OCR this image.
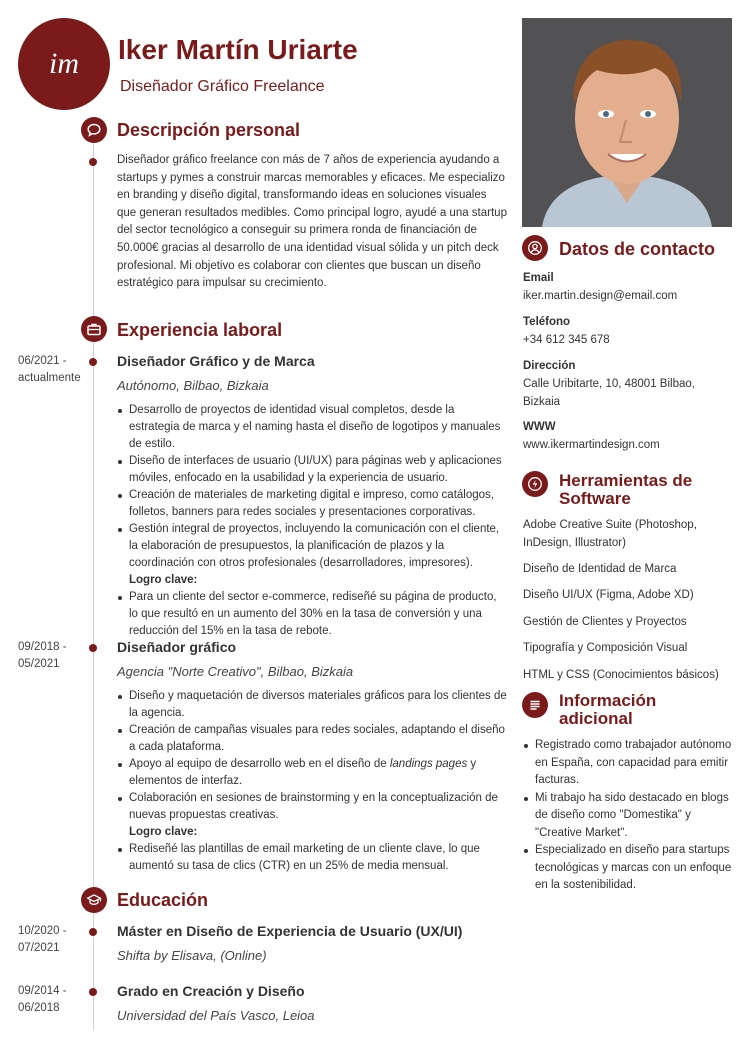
im	Iker Martín Uriarte
Diseñador Gráfico Freelance
Descripción personal
Diseñador gráfico freelance con más de 7 años de experiencia ayudando a startups y pymes a construir marcas memorables y eficaces. Me especializo en branding y diseño digital, transformando ideas en soluciones visuales que generan resultados medibles. Como principal logro, ayudé a una startup del sector tecnológico a conseguir su primera ronda de financiación de 50.000€ gracias al desarrollo de una identidad visual sólida y un pitch deck profesional. Mi objetivo es colaborar con clientes que buscan un diseño estratégico para impulsar su crecimiento.
Experiencia laboral
06/2021 - actualmente
Diseñador Gráfico y de Marca
Autónomo, Bilbao, Bizkaia
Desarrollo de proyectos de identidad visual completos, desde la estrategia de marca y el naming hasta el diseño de logotipos y manuales de estilo.
Diseño de interfaces de usuario (UI/UX) para páginas web y aplicaciones móviles, enfocado en la usabilidad y la experiencia de usuario.
Creación de materiales de marketing digital e impreso, como catálogos, folletos, banners para redes sociales y presentaciones corporativas.
Gestión integral de proyectos, incluyendo la comunicación con el cliente, la elaboración de presupuestos, la planificación de plazos y la coordinación con otros profesionales (desarrolladores, impresores).
Logro clave:
Para un cliente del sector e-commerce, rediseñé su página de producto, lo que resultó en un aumento del 30% en la tasa de conversión y una reducción del 15% en la tasa de rebote.
09/2018 - 05/2021
Diseñador gráfico
Agencia "Norte Creativo", Bilbao, Bizkaia
Diseño y maquetación de diversos materiales gráficos para los clientes de la agencia.
Creación de campañas visuales para redes sociales, adaptando el diseño a cada plataforma.
Apoyo al equipo de desarrollo web en el diseño de landings pages y elementos de interfaz.
Colaboración en sesiones de brainstorming y en la conceptualización de nuevas propuestas creativas.
Logro clave:
Rediseñé las plantillas de email marketing de un cliente clave, lo que aumentó su tasa de clics (CTR) en un 25% de media mensual.
Educación
10/2020 - 07/2021
Máster en Diseño de Experiencia de Usuario (UX/UI)
Shifta by Elisava, (Online)
09/2014 - 06/2018
Grado en Creación y Diseño
Universidad del País Vasco, Leioa
Datos de contacto
Email
iker.martin.design@email.com
Teléfono
+34 612 345 678
Dirección
Calle Uribitarte, 10, 48001 Bilbao, Bizkaia
WWW
www.ikermartindesign.com
Herramientas de Software
Adobe Creative Suite (Photoshop, InDesign, Illustrator)
Diseño de Identidad de Marca
Diseño UI/UX (Figma, Adobe XD)
Gestión de Clientes y Proyectos
Tipografía y Composición Visual
HTML y CSS (Conocimientos básicos)
Información adicional
Registrado como trabajador autónomo en España, con capacidad para emitir facturas.
Mi trabajo ha sido destacado en blogs de diseño como "Domestika" y "Creative Market".
Especializado en diseño para startups tecnológicas y marcas con un enfoque en la sostenibilidad.
